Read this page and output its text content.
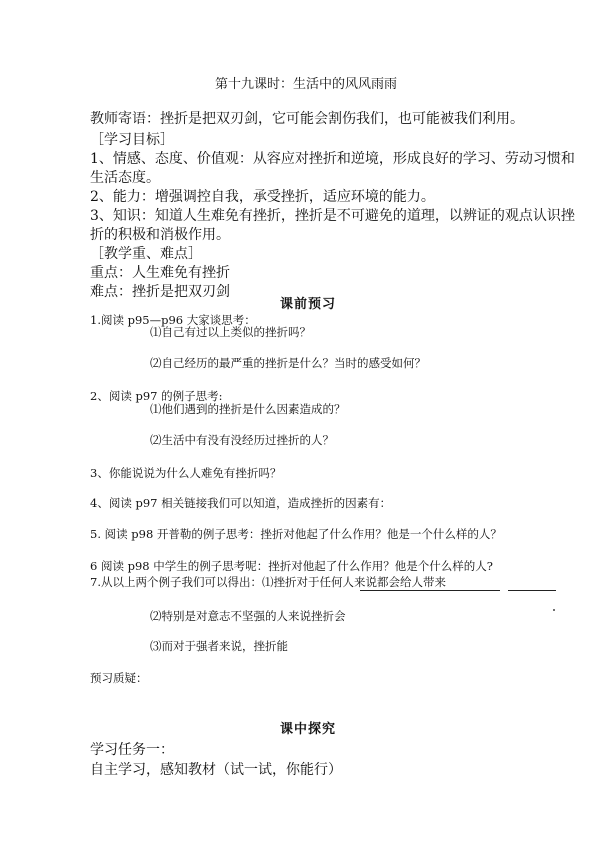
第十九课时：生活中的风风雨雨
教师寄语：挫折是把双刃剑，它可能会割伤我们，也可能被我们利用。
［学习目标］
1、情感、态度、价值观：从容应对挫折和逆境，形成良好的学习、劳动习惯和
生活态度。
2、能力：增强调控自我，承受挫折，适应环境的能力。
3、知识：知道人生难免有挫折，挫折是不可避免的道理，以辨证的观点认识挫
折的积极和消极作用。
［教学重、难点］
重点：人生难免有挫折
难点：挫折是把双刃剑
课前预习
1.阅读 p95—p96 大家谈思考：
⑴自己有过以上类似的挫折吗？
⑵自己经历的最严重的挫折是什么？当时的感受如何？
2、阅读 p97 的例子思考:
⑴他们遇到的挫折是什么因素造成的？
⑵生活中有没有没经历过挫折的人？
3、你能说说为什么人难免有挫折吗？
4、阅读 p97 相关链接我们可以知道，造成挫折的因素有：
5. 阅读 p98 开普勒的例子思考：挫折对他起了什么作用？他是一个什么样的人？
6 阅读 p98 中学生的例子思考呢：挫折对他起了什么作用？他是个什么样的人?
7.从以上两个例子我们可以得出：⑴挫折对于任何人来说都会给人带来
⑵特别是对意志不坚强的人来说挫折会
⑶而对于强者来说，挫折能
预习质疑：
课中探究
学习任务一：
自主学习，感知教材（试一试，你能行）
